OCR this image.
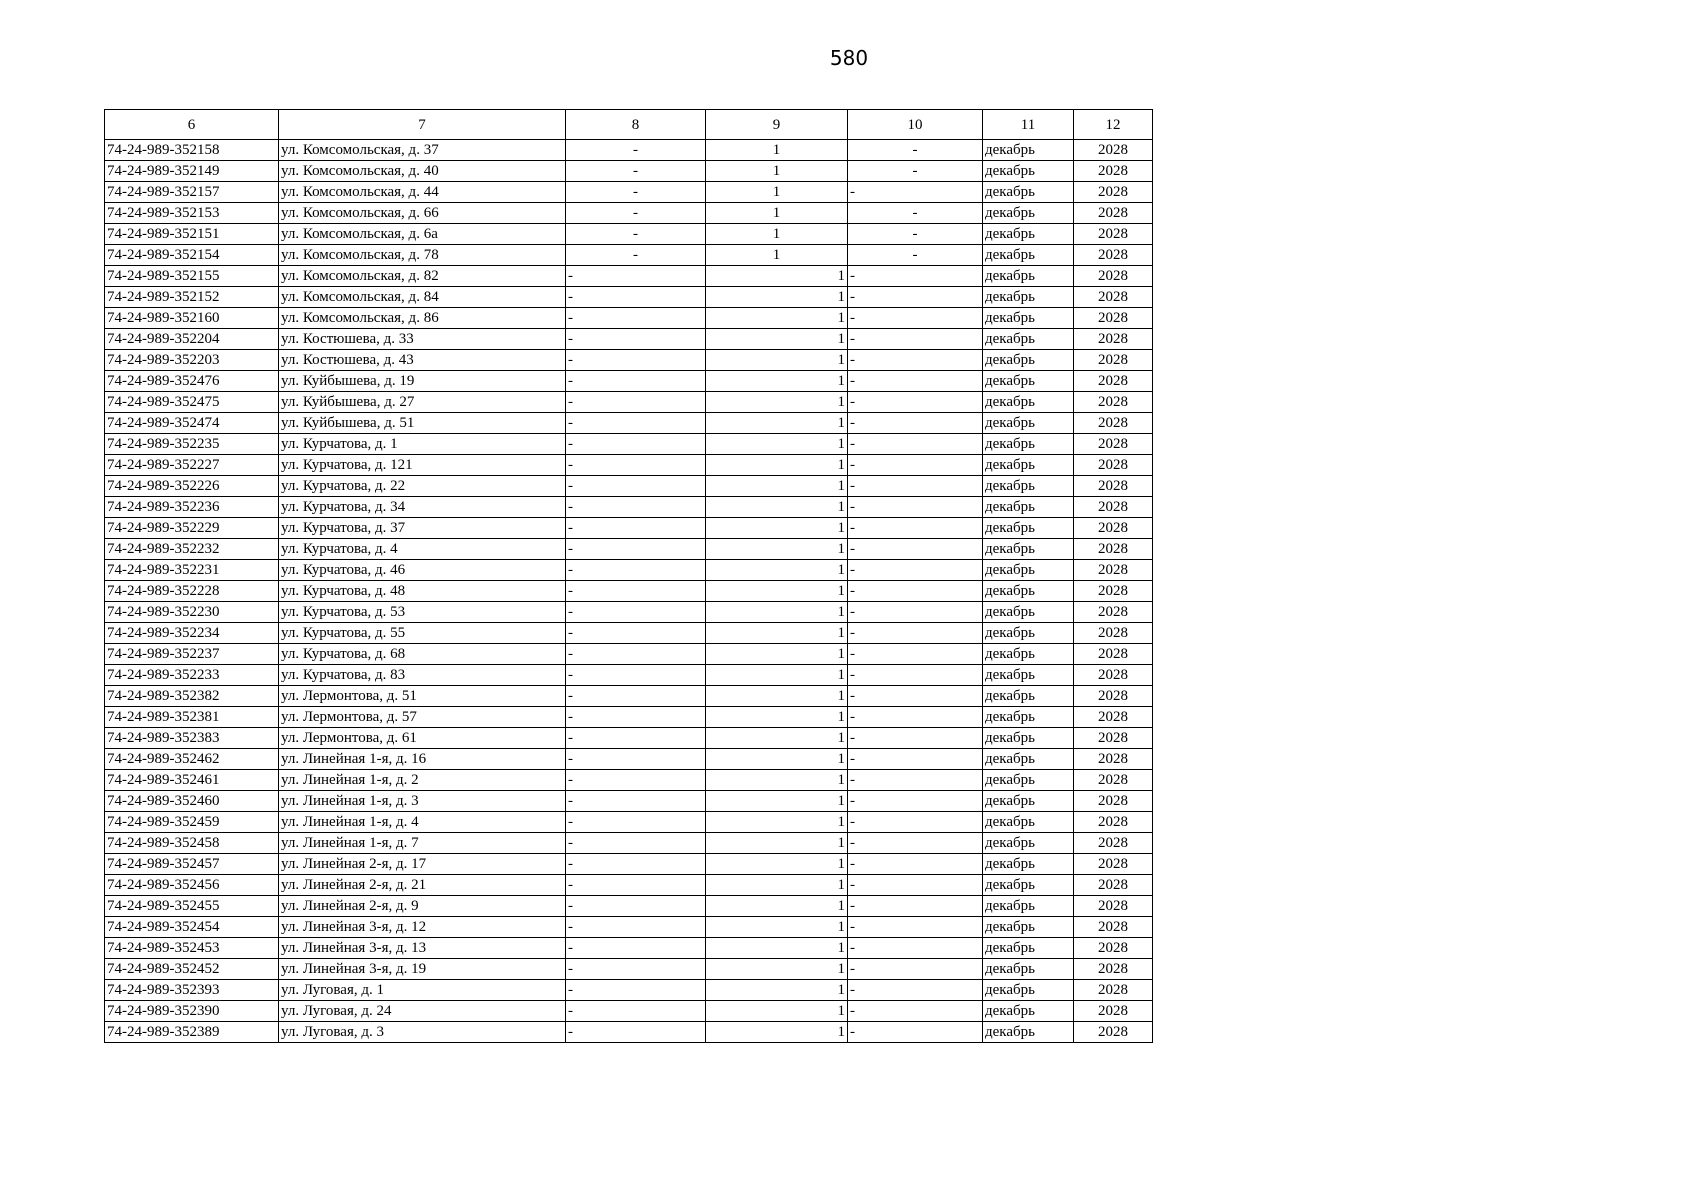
580
6	7	8	9	10	11	12
74-24-989-352158	ул. Комсомольская, д. 37	-	1	-	декабрь	2028
74-24-989-352149	ул. Комсомольская, д. 40	-	1	-	декабрь	2028
74-24-989-352157	ул. Комсомольская, д. 44	-	1	-	декабрь	2028
74-24-989-352153	ул. Комсомольская, д. 66	-	1	-	декабрь	2028
74-24-989-352151	ул. Комсомольская, д. 6а	-	1	-	декабрь	2028
74-24-989-352154	ул. Комсомольская, д. 78	-	1	-	декабрь	2028
74-24-989-352155	ул. Комсомольская, д. 82	-	1	-	декабрь	2028
74-24-989-352152	ул. Комсомольская, д. 84	-	1	-	декабрь	2028
74-24-989-352160	ул. Комсомольская, д. 86	-	1	-	декабрь	2028
74-24-989-352204	ул. Костюшева, д. 33	-	1	-	декабрь	2028
74-24-989-352203	ул. Костюшева, д. 43	-	1	-	декабрь	2028
74-24-989-352476	ул. Куйбышева, д. 19	-	1	-	декабрь	2028
74-24-989-352475	ул. Куйбышева, д. 27	-	1	-	декабрь	2028
74-24-989-352474	ул. Куйбышева, д. 51	-	1	-	декабрь	2028
74-24-989-352235	ул. Курчатова, д. 1	-	1	-	декабрь	2028
74-24-989-352227	ул. Курчатова, д. 121	-	1	-	декабрь	2028
74-24-989-352226	ул. Курчатова, д. 22	-	1	-	декабрь	2028
74-24-989-352236	ул. Курчатова, д. 34	-	1	-	декабрь	2028
74-24-989-352229	ул. Курчатова, д. 37	-	1	-	декабрь	2028
74-24-989-352232	ул. Курчатова, д. 4	-	1	-	декабрь	2028
74-24-989-352231	ул. Курчатова, д. 46	-	1	-	декабрь	2028
74-24-989-352228	ул. Курчатова, д. 48	-	1	-	декабрь	2028
74-24-989-352230	ул. Курчатова, д. 53	-	1	-	декабрь	2028
74-24-989-352234	ул. Курчатова, д. 55	-	1	-	декабрь	2028
74-24-989-352237	ул. Курчатова, д. 68	-	1	-	декабрь	2028
74-24-989-352233	ул. Курчатова, д. 83	-	1	-	декабрь	2028
74-24-989-352382	ул. Лермонтова, д. 51	-	1	-	декабрь	2028
74-24-989-352381	ул. Лермонтова, д. 57	-	1	-	декабрь	2028
74-24-989-352383	ул. Лермонтова, д. 61	-	1	-	декабрь	2028
74-24-989-352462	ул. Линейная 1-я, д. 16	-	1	-	декабрь	2028
74-24-989-352461	ул. Линейная 1-я, д. 2	-	1	-	декабрь	2028
74-24-989-352460	ул. Линейная 1-я, д. 3	-	1	-	декабрь	2028
74-24-989-352459	ул. Линейная 1-я, д. 4	-	1	-	декабрь	2028
74-24-989-352458	ул. Линейная 1-я, д. 7	-	1	-	декабрь	2028
74-24-989-352457	ул. Линейная 2-я, д. 17	-	1	-	декабрь	2028
74-24-989-352456	ул. Линейная 2-я, д. 21	-	1	-	декабрь	2028
74-24-989-352455	ул. Линейная 2-я, д. 9	-	1	-	декабрь	2028
74-24-989-352454	ул. Линейная 3-я, д. 12	-	1	-	декабрь	2028
74-24-989-352453	ул. Линейная 3-я, д. 13	-	1	-	декабрь	2028
74-24-989-352452	ул. Линейная 3-я, д. 19	-	1	-	декабрь	2028
74-24-989-352393	ул. Луговая, д. 1	-	1	-	декабрь	2028
74-24-989-352390	ул. Луговая, д. 24	-	1	-	декабрь	2028
74-24-989-352389	ул. Луговая, д. 3	-	1	-	декабрь	2028
